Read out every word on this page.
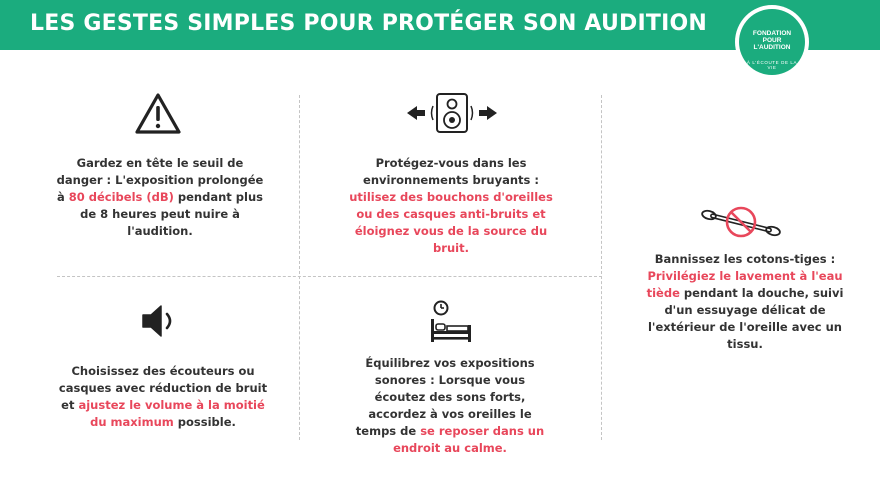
LES GESTES SIMPLES POUR PROTÉGER SON AUDITION	FONDATION
POUR
L'AUDITION
À L'ÉCOUTE DE LA VIE
Gardez en tête le seuil de danger : L'exposition prolongée à 80 décibels (dB) pendant plus de 8 heures peut nuire à l'audition.
Protégez-vous dans les environnements bruyants : utilisez des bouchons d'oreilles ou des casques anti-bruits et éloignez vous de la source du bruit.
Bannissez les cotons-tiges : Privilégiez le lavement à l'eau tiède pendant la douche, suivi d'un essuyage délicat de l'extérieur de l'oreille avec un tissu.
Choisissez des écouteurs ou casques avec réduction de bruit et ajustez le volume à la moitié du maximum possible.
Équilibrez vos expositions sonores : Lorsque vous écoutez des sons forts, accordez à vos oreilles le temps de se reposer dans un endroit au calme.
